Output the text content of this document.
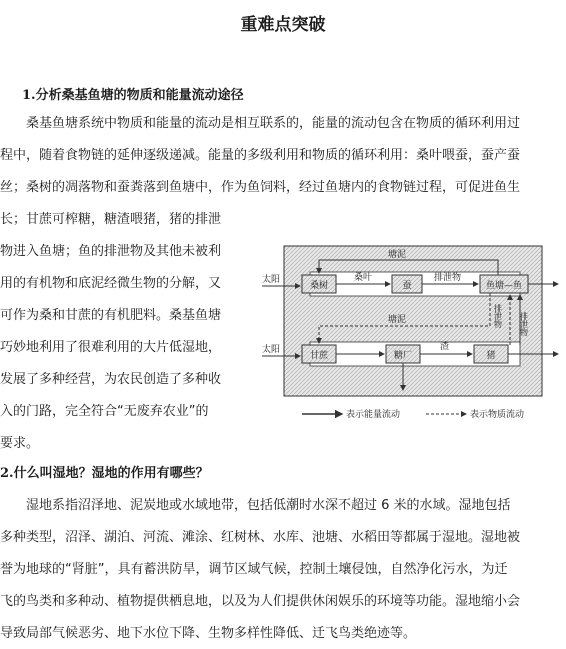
重难点突破
1.分析桑基鱼塘的物质和能量流动途径
　　桑基鱼塘系统中物质和能量的流动是相互联系的，能量的流动包含在物质的循环利用过
程中，随着食物链的延伸逐级递减。能量的多级利用和物质的循环利用：桑叶喂蚕，蚕产蚕
丝；桑树的凋落物和蚕粪落到鱼塘中，作为鱼饲料，经过鱼塘内的食物链过程，可促进鱼生
长；甘蔗可榨糖，糖渣喂猪，猪的排泄
物进入鱼塘；鱼的排泄物及其他未被利
用的有机物和底泥经微生物的分解，又
可作为桑和甘蔗的有机肥料。桑基鱼塘
巧妙地利用了很难利用的大片低湿地，
发展了多种经营，为农民创造了多种收
入的门路，完全符合“无废弃农业”的
要求。
桑树	蚕	鱼塘—鱼
甘蔗	糖厂	猪
太阳
太阳
桑叶	排泄物
塘泥
塘泥	排泄物
排泄物
渣
表示能量流动	表示物质流动
2.什么叫湿地？湿地的作用有哪些？
　　湿地系指沼泽地、泥炭地或水域地带，包括低潮时水深不超过 6 米的水域。湿地包括
多种类型，沼泽、湖泊、河流、滩涂、红树林、水库、池塘、水稻田等都属于湿地。湿地被
誉为地球的“肾脏”，具有蓄洪防旱，调节区域气候，控制土壤侵蚀，自然净化污水，为迁
飞的鸟类和多种动、植物提供栖息地，以及为人们提供休闲娱乐的环境等功能。湿地缩小会
导致局部气候恶劣、地下水位下降、生物多样性降低、迁飞鸟类绝迹等。
